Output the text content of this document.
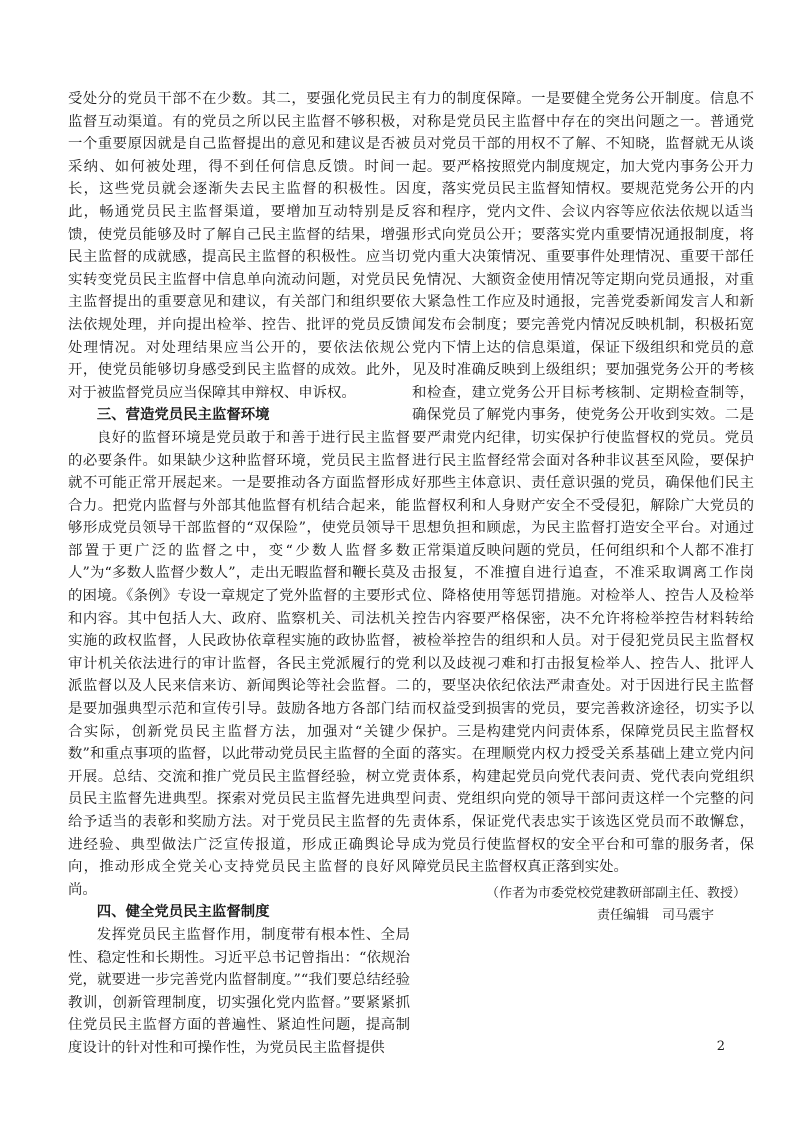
受处分的党员干部不在少数。其二，要强化党员民主监督互动渠道。有的党员之所以民主监督不够积极，一个重要原因就是自己监督提出的意见和建议是否被采纳、如何被处理，得不到任何信息反馈。时间一长，这些党员就会逐渐失去民主监督的积极性。因此，畅通党员民主监督渠道，要增加互动特别是反馈，使党员能够及时了解自己民主监督的结果，增强民主监督的成就感，提高民主监督的积极性。应当切实转变党员民主监督中信息单向流动问题，对党员民主监督提出的重要意见和建议，有关部门和组织要依法依规处理，并向提出检举、控告、批评的党员反馈处理情况。对处理结果应当公开的，要依法依规公开，使党员能够切身感受到民主监督的成效。此外，对于被监督党员应当保障其申辩权、申诉权。

三、营造党员民主监督环境

良好的监督环境是党员敢于和善于进行民主监督的必要条件。如果缺少这种监督环境，党员民主监督就不可能正常开展起来。一是要推动各方面监督形成合力。把党内监督与外部其他监督有机结合起来，能够形成党员领导干部监督的“双保险”，使党员领导干部置于更广泛的监督之中，变“少数人监督多数人”为“多数人监督少数人”，走出无暇监督和鞭长莫及的困境。《条例》专设一章规定了党外监督的主要形式和内容。其中包括人大、政府、监察机关、司法机关实施的政权监督，人民政协依章程实施的政协监督，审计机关依法进行的审计监督，各民主党派履行的党派监督以及人民来信来访、新闻舆论等社会监督。二是要加强典型示范和宣传引导。鼓励各地方各部门结合实际，创新党员民主监督方法，加强对“关键少数”和重点事项的监督，以此带动党员民主监督的全面开展。总结、交流和推广党员民主监督经验，树立党员民主监督先进典型。探索对党员民主监督先进典型给予适当的表彰和奖励方法。对于党员民主监督的先进经验、典型做法广泛宣传报道，形成正确舆论导向，推动形成全党关心支持党员民主监督的良好风尚。

四、健全党员民主监督制度

发挥党员民主监督作用，制度带有根本性、全局性、稳定性和长期性。习近平总书记曾指出：“依规治党，就要进一步完善党内监督制度。”“我们要总结经验教训，创新管理制度，切实强化党内监督。”要紧紧抓住党员民主监督方面的普遍性、紧迫性问题，提高制度设计的针对性和可操作性，为党员民主监督提供

有力的制度保障。一是要健全党务公开制度。信息不对称是党员民主监督中存在的突出问题之一。普通党员对党员干部的用权不了解、不知晓，监督就无从谈起。要严格按照党内制度规定，加大党内事务公开力度，落实党员民主监督知情权。要规范党务公开的内容和程序，党内文件、会议内容等应依法依规以适当形式向党员公开；要落实党内重要情况通报制度，将党内重大决策情况、重要事件处理情况、重要干部任免情况、大额资金使用情况等定期向党员通报，对重大紧急性工作应及时通报，完善党委新闻发言人和新闻发布会制度；要完善党内情况反映机制，积极拓宽党内下情上达的信息渠道，保证下级组织和党员的意见及时准确反映到上级组织；要加强党务公开的考核和检查，建立党务公开目标考核制、定期检查制等，确保党员了解党内事务，使党务公开收到实效。二是要严肃党内纪律，切实保护行使监督权的党员。党员进行民主监督经常会面对各种非议甚至风险，要保护好那些主体意识、责任意识强的党员，确保他们民主监督权利和人身财产安全不受侵犯，解除广大党员的思想负担和顾虑，为民主监督打造安全平台。对通过正常渠道反映问题的党员，任何组织和个人都不准打击报复，不准擅自进行追查，不准采取调离工作岗位、降格使用等惩罚措施。对检举人、控告人及检举控告内容要严格保密，决不允许将检举控告材料转给被检举控告的组织和人员。对于侵犯党员民主监督权利以及歧视刁难和打击报复检举人、控告人、批评人的，要坚决依纪依法严肃查处。对于因进行民主监督而权益受到损害的党员，要完善救济途径，切实予以保护。三是构建党内问责体系，保障党员民主监督权的落实。在理顺党内权力授受关系基础上建立党内问责体系，构建起党员向党代表问责、党代表向党组织问责、党组织向党的领导干部问责这样一个完整的问责体系，保证党代表忠实于该选区党员而不敢懈怠，成为党员行使监督权的安全平台和可靠的服务者，保障党员民主监督权真正落到实处。

（作者为市委党校党建教研部副主任、教授）

责任编辑　司马震宇

2
